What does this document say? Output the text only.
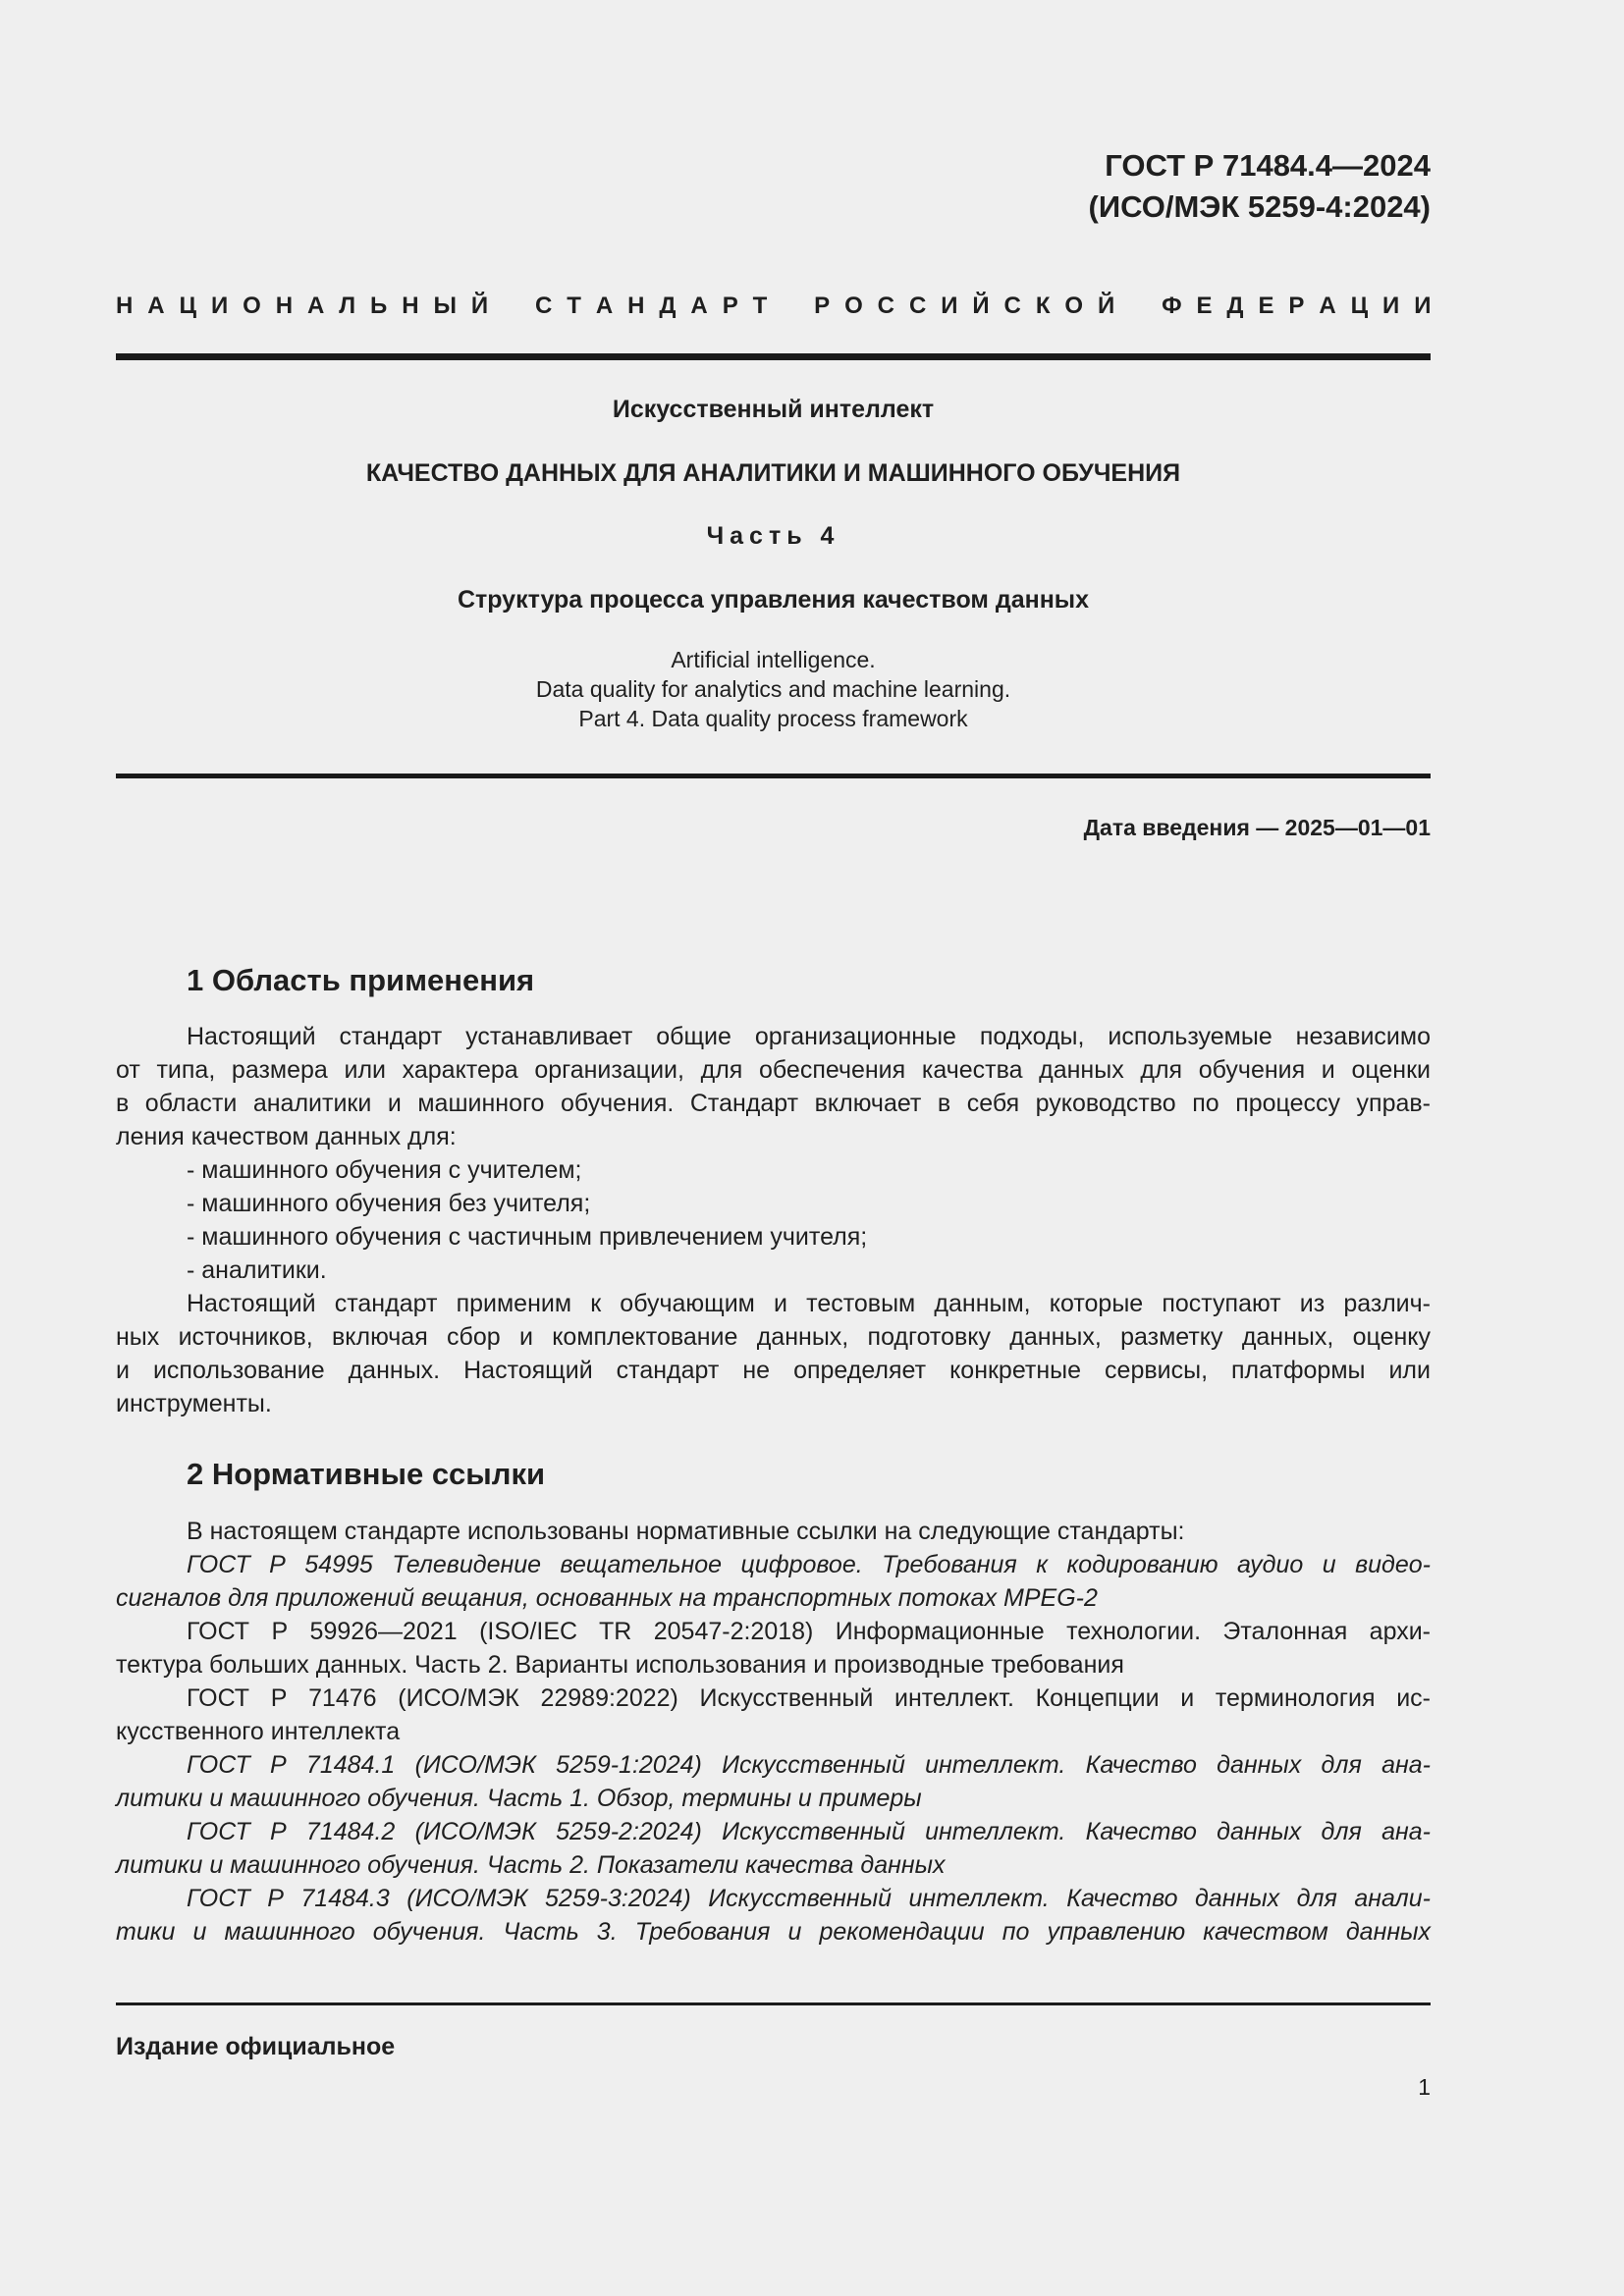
ГОСТ Р 71484.4—2024
(ИСО/МЭК 5259-4:2024)
Н А Ц И О Н А Л Ь Н Ы Й С Т А Н Д А Р Т Р О С С И Й С К О Й Ф Е Д Е Р А Ц И И
Искусственный интеллект
КАЧЕСТВО ДАННЫХ ДЛЯ АНАЛИТИКИ И МАШИННОГО ОБУЧЕНИЯ
Часть 4
Структура процесса управления качеством данных
Artificial intelligence.
Data quality for analytics and machine learning.
Part 4. Data quality process framework
Дата введения — 2025—01—01
1 Область применения
Настоящий стандарт устанавливает общие организационные подходы, используемые независимо
от типа, размера или характера организации, для обеспечения качества данных для обучения и оценки
в области аналитики и машинного обучения. Стандарт включает в себя руководство по процессу управ-
ления качеством данных для:
- машинного обучения с учителем;
- машинного обучения без учителя;
- машинного обучения с частичным привлечением учителя;
- аналитики.
Настоящий стандарт применим к обучающим и тестовым данным, которые поступают из различ-
ных источников, включая сбор и комплектование данных, подготовку данных, разметку данных, оценку
и использование данных. Настоящий стандарт не определяет конкретные сервисы, платформы или
инструменты.
2 Нормативные ссылки
В настоящем стандарте использованы нормативные ссылки на следующие стандарты:
ГОСТ Р 54995 Телевидение вещательное цифровое. Требования к кодированию аудио и видео-
сигналов для приложений вещания, основанных на транспортных потоках MPEG-2
ГОСТ Р 59926—2021 (ISO/IEC TR 20547-2:2018) Информационные технологии. Эталонная архи-
тектура больших данных. Часть 2. Варианты использования и производные требования
ГОСТ Р 71476 (ИСО/МЭК 22989:2022) Искусственный интеллект. Концепции и терминология ис-
кусственного интеллекта
ГОСТ Р 71484.1 (ИСО/МЭК 5259-1:2024) Искусственный интеллект. Качество данных для ана-
литики и машинного обучения. Часть 1. Обзор, термины и примеры
ГОСТ Р 71484.2 (ИСО/МЭК 5259-2:2024) Искусственный интеллект. Качество данных для ана-
литики и машинного обучения. Часть 2. Показатели качества данных
ГОСТ Р 71484.3 (ИСО/МЭК 5259-3:2024) Искусственный интеллект. Качество данных для анали-
тики и машинного обучения. Часть 3. Требования и рекомендации по управлению качеством данных
Издание официальное
1
